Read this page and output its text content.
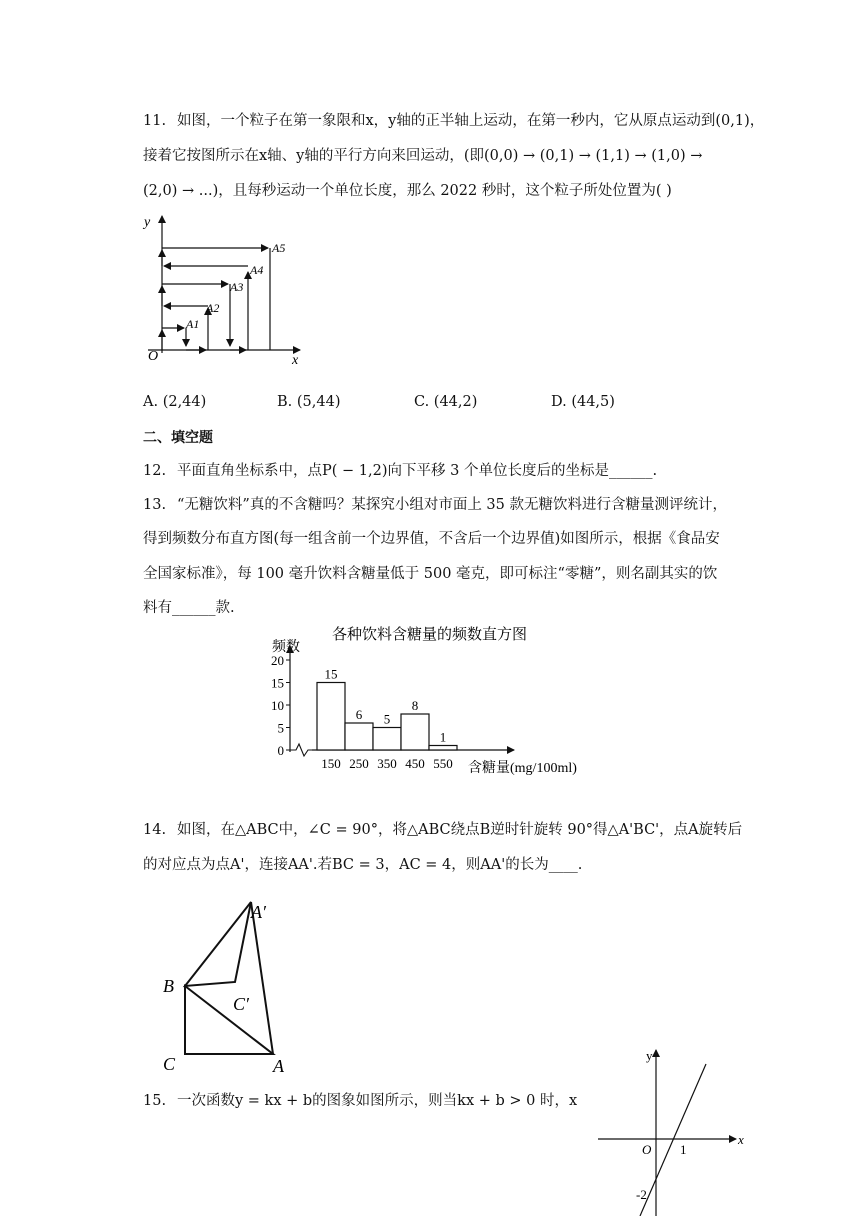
11. 如图，一个粒子在第一象限和x，y轴的正半轴上运动，在第一秒内，它从原点运动到(0,1)，
接着它按图所示在x轴、y轴的平行方向来回运动，(即(0,0) → (0,1) → (1,1) → (1,0) →
(2,0) → ...)，且每秒运动一个单位长度，那么 2022 秒时，这个粒子所处位置为( )
y
x
O
A1
A2
A3
A4
A5
A. (2,44)	B. (5,44)	C. (44,2)	D. (44,5)
二、填空题
12. 平面直角坐标系中，点P( − 1,2)向下平移 3 个单位长度后的坐标是______.
13. “无糖饮料”真的不含糖吗？某探究小组对市面上 35 款无糖饮料进行含糖量测评统计，
得到频数分布直方图(每一组含前一个边界值，不含后一个边界值)如图所示，根据《食品安
全国家标准》，每 100 毫升饮料含糖量低于 500 毫克，即可标注“零糖”，则名副其实的饮
料有______款.
各种饮料含糖量的频数直方图
频数
20
15
10
5
0
15
6 5
8
1
150 250 350 450 550 含糖量(mg/100ml)
14. 如图，在△ABC中，∠C = 90°，将△ABC绕点B逆时针旋转 90°得△A'BC'，点A旋转后
的对应点为点A'，连接AA'.若BC = 3，AC = 4，则AA'的长为____.
A′
B
C′
C	A
15. 一次函数y = kx + b的图象如图所示，则当kx + b > 0 时，x
y
x
O 1
-2
